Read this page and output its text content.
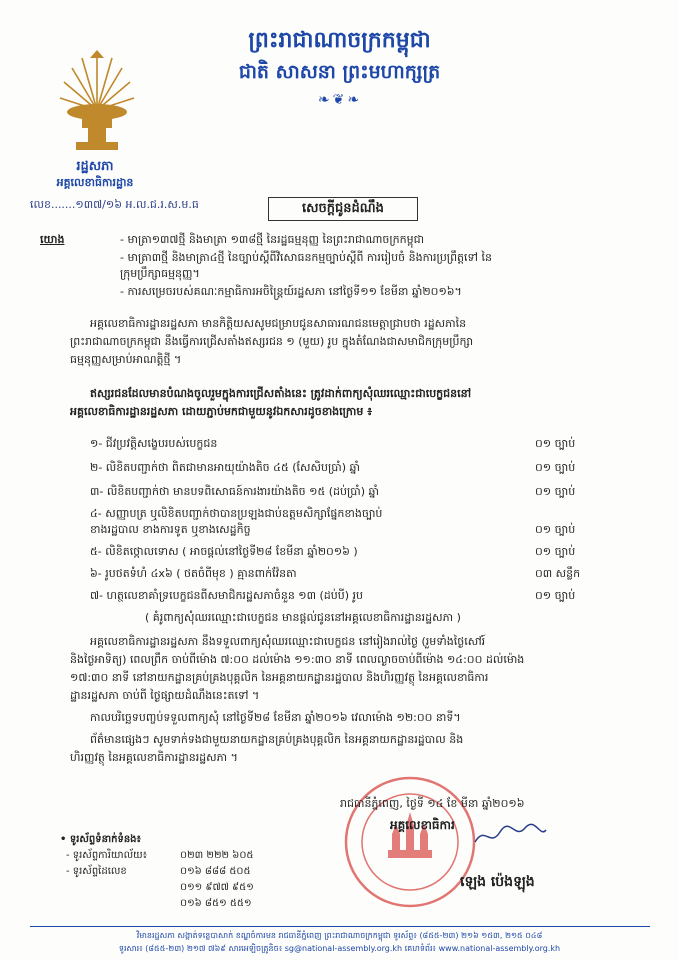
ព្រះរាជាណាចក្រកម្ពុជា
ជាតិ សាសនា ព្រះមហាក្សត្រ
❧❦❧
រដ្ឋសភា
អគ្គលេខាធិការដ្ឋាន
លេខ.......១៣៧/១៦ អ.ល.ជ.រ.ស.ម.ធ	សេចក្តីជូនដំណឹង
យោង	- មាត្រា១៣៧ថ្មី និងមាត្រា ១៣៨ថ្មី នៃរដ្ឋធម្មនុញ្ញ នៃព្រះរាជាណាចក្រកម្ពុជា
- មាត្រា៣ថ្មី និងមាត្រា៤ថ្មី នៃច្បាប់ស្តីពីវិសោធនកម្មច្បាប់ស្តីពី ការរៀបចំ និងការប្រព្រឹត្តទៅ នៃ
ក្រុមប្រឹក្សាធម្មនុញ្ញ។
- ការសម្រេចរបស់គណៈកម្មាធិការអចិន្ត្រៃយ៍រដ្ឋសភា នៅថ្ងៃទី១១ ខែមីនា ឆ្នាំ២០១៦។
អគ្គលេខាធិការដ្ឋានរដ្ឋសភា មានកិត្តិយសសូមជម្រាបជូនសាធារណជនមេត្តាជ្រាបថា រដ្ឋសភានៃ
ព្រះរាជាណាចក្រកម្ពុជា នឹងធ្វើការជ្រើសតាំងឥស្សរជន ១ (មួយ) រូប ក្នុងតំណែងជាសមាជិកក្រុមប្រឹក្សា
ធម្មនុញ្ញសម្រាប់អាណត្តិថ្មី ។
ឥស្សរជនដែលមានបំណងចូលរួមក្នុងការជ្រើសតាំងនេះ ត្រូវដាក់ពាក្យសុំឈរឈ្មោះជាបេក្ខជននៅ
អគ្គលេខាធិការដ្ឋានរដ្ឋសភា ដោយភ្ជាប់មកជាមួយនូវឯកសារដូចខាងក្រោម ៖
១- ជីវប្រវត្តិសង្ខេបរបស់បេក្ខជន	០១ ច្បាប់
២- លិខិតបញ្ជាក់ថា ពិតជាមានអាយុយ៉ាងតិច ៤៥ (សែសិបប្រាំ) ឆ្នាំ	០១ ច្បាប់
៣- លិខិតបញ្ជាក់ថា មានបទពិសោធន៍ការងារយ៉ាងតិច ១៥ (ដប់ប្រាំ) ឆ្នាំ	០១ ច្បាប់
៤- សញ្ញាបត្រ ឬលិខិតបញ្ជាក់ថាបានប្រឡងជាប់ឧត្តមសិក្សាផ្នែកខាងច្បាប់
ខាងរដ្ឋបាល ខាងការទូត ឬខាងសេដ្ឋកិច្ច	០១ ច្បាប់
៥- លិខិតថ្កោលទោស ( អាចផ្តល់នៅថ្ងៃទី២៨ ខែមីនា ឆ្នាំ២០១៦ )	០១ ច្បាប់
៦- រូបថតទំហំ ៤x៦ ( ថតចំពីមុខ ) គ្មានពាក់វ៉ែនតា	០៣ សន្លឹក
៧- ហត្ថលេខាគាំទ្របេក្ខជនពីសមាជិករដ្ឋសភាចំនួន ១៣ (ដប់បី) រូប	០១ ច្បាប់
( គំរូពាក្យសុំឈរឈ្មោះជាបេក្ខជន មានផ្តល់ជូននៅអគ្គលេខាធិការដ្ឋានរដ្ឋសភា )
អគ្គលេខាធិការដ្ឋានរដ្ឋសភា នឹងទទួលពាក្យសុំឈរឈ្មោះជាបេក្ខជន នៅរៀងរាល់ថ្ងៃ (រួមទាំងថ្ងៃសៅរ៍
និងថ្ងៃអាទិត្យ) ពេលព្រឹក ចាប់ពីម៉ោង ៧:០០ ដល់ម៉ោង ១១:៣០ នាទី ពេលល្ងាចចាប់ពីម៉ោង ១៤:០០ ដល់ម៉ោង
១៧:៣០ នាទី នៅនាយកដ្ឋានគ្រប់គ្រងបុគ្គលិក នៃអគ្គនាយកដ្ឋានរដ្ឋបាល និងហិរញ្ញវត្ថុ នៃអគ្គលេខាធិការ
ដ្ឋានរដ្ឋសភា ចាប់ពី ថ្ងៃផ្សាយដំណឹងនេះតទៅ ។
កាលបរិច្ឆេទបញ្ចប់ទទួលពាក្យសុំ នៅថ្ងៃទី២៨ ខែមីនា ឆ្នាំ២០១៦ វេលាម៉ោង ១២:០០ នាទី។
ព័ត៌មានផ្សេងៗ សូមទាក់ទងជាមួយនាយកដ្ឋានគ្រប់គ្រងបុគ្គលិក នៃអគ្គនាយកដ្ឋានរដ្ឋបាល និង
ហិរញ្ញវត្ថុ នៃអគ្គលេខាធិការដ្ឋានរដ្ឋសភា ។
រាជធានីភ្នំពេញ, ថ្ងៃទី ១៤ ខែ មីនា ឆ្នាំ២០១៦
អគ្គលេខាធិការ
ឡេង ប៉េងឡុង
• ទូរស័ព្ទទំនាក់ទំនង៖
- ទូរស័ព្ទការិយាល័យ៖	០២៣ ២២២ ៦០៥
- ទូរស័ព្ទដៃលេខ	០១៦ ៨៨៨ ៥០៥
០១១ ៩៧៧ ៩៥១
០១៦ ៨៥១ ៥៥១
វិមានរដ្ឋសភា សង្កាត់ទន្លេបាសាក់ ខណ្ឌចំការមន រាជធានីភ្នំពេញ ព្រះរាជាណាចក្រកម្ពុជា ទូរស័ព្ទ៖ (៨៥៥-២៣) ២១៦ ១៥៣, ២១៥ ០៤៨
ទូរសារ៖ (៨៥៥-២៣) ២១៧ ៧៦៩ សារអេឡិចត្រូនិច៖ sg@national-assembly.org.kh គេហទំព័រ៖ www.national-assembly.org.kh
